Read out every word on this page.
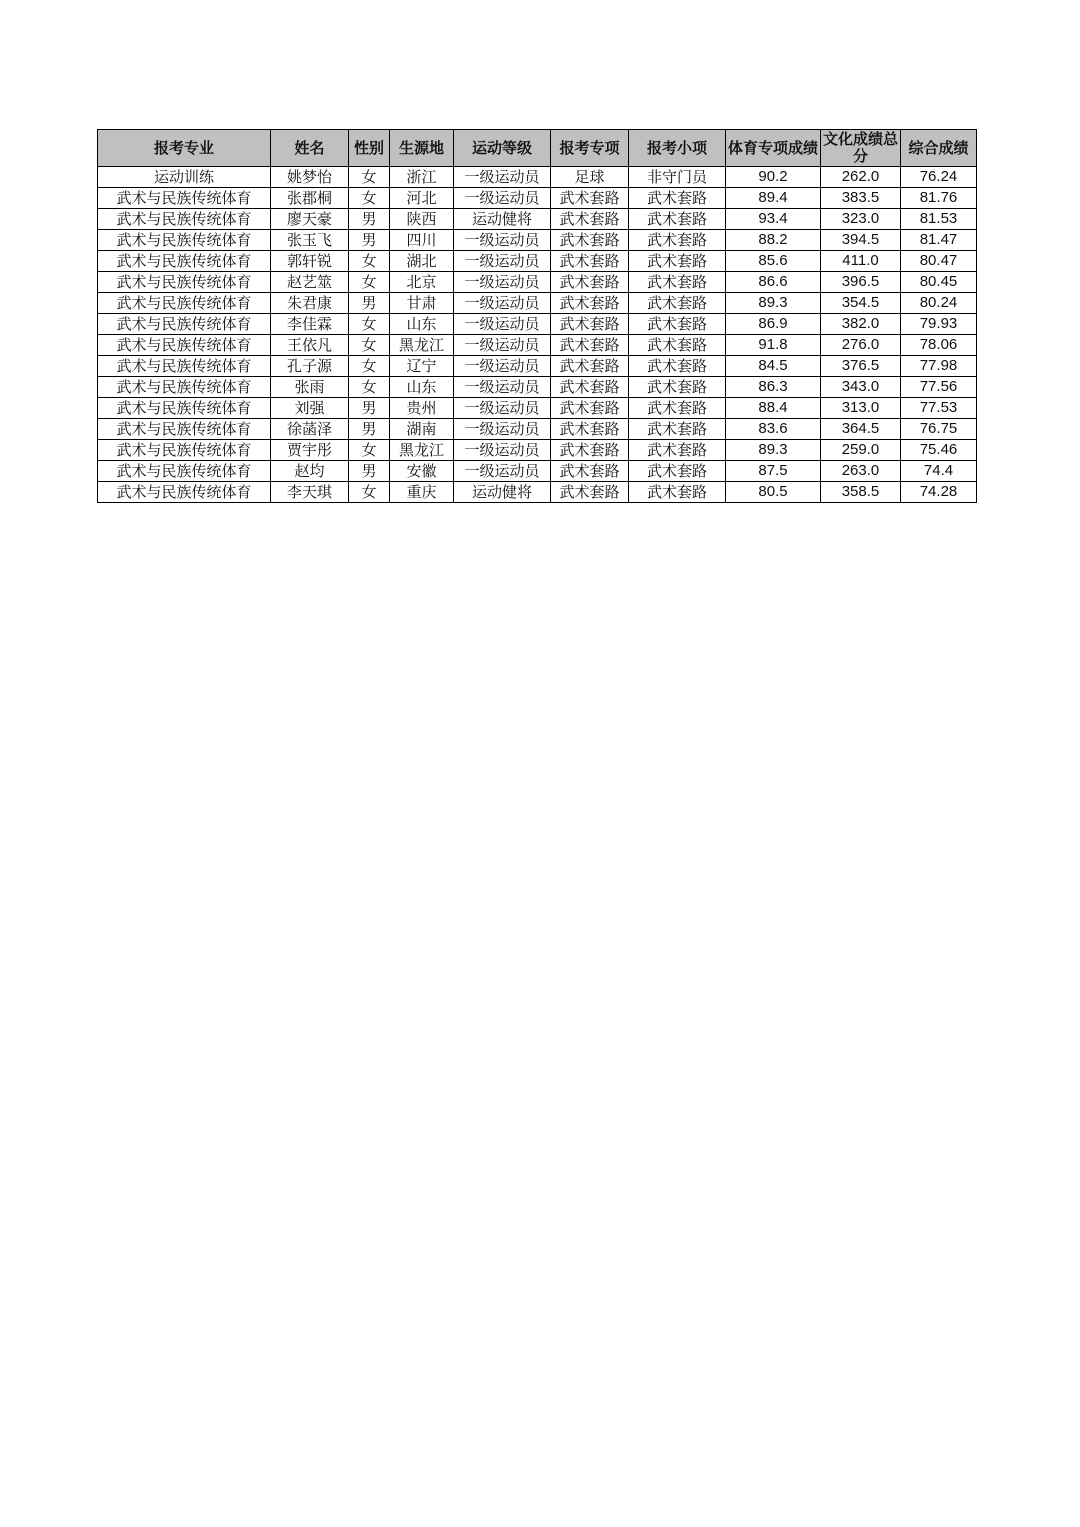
报考专业	姓名	性别	生源地	运动等级	报考专项	报考小项	体育专项成绩	文化成绩总分	综合成绩
运动训练	姚梦怡	女	浙江	一级运动员	足球	非守门员	90.2	262.0	76.24
武术与民族传统体育	张郡桐	女	河北	一级运动员	武术套路	武术套路	89.4	383.5	81.76
武术与民族传统体育	廖天豪	男	陕西	运动健将	武术套路	武术套路	93.4	323.0	81.53
武术与民族传统体育	张玉飞	男	四川	一级运动员	武术套路	武术套路	88.2	394.5	81.47
武术与民族传统体育	郭轩锐	女	湖北	一级运动员	武术套路	武术套路	85.6	411.0	80.47
武术与民族传统体育	赵艺筮	女	北京	一级运动员	武术套路	武术套路	86.6	396.5	80.45
武术与民族传统体育	朱君康	男	甘肃	一级运动员	武术套路	武术套路	89.3	354.5	80.24
武术与民族传统体育	李佳霖	女	山东	一级运动员	武术套路	武术套路	86.9	382.0	79.93
武术与民族传统体育	王依凡	女	黑龙江	一级运动员	武术套路	武术套路	91.8	276.0	78.06
武术与民族传统体育	孔子源	女	辽宁	一级运动员	武术套路	武术套路	84.5	376.5	77.98
武术与民族传统体育	张雨	女	山东	一级运动员	武术套路	武术套路	86.3	343.0	77.56
武术与民族传统体育	刘强	男	贵州	一级运动员	武术套路	武术套路	88.4	313.0	77.53
武术与民族传统体育	徐菡泽	男	湖南	一级运动员	武术套路	武术套路	83.6	364.5	76.75
武术与民族传统体育	贾宇彤	女	黑龙江	一级运动员	武术套路	武术套路	89.3	259.0	75.46
武术与民族传统体育	赵均	男	安徽	一级运动员	武术套路	武术套路	87.5	263.0	74.4
武术与民族传统体育	李天琪	女	重庆	运动健将	武术套路	武术套路	80.5	358.5	74.28
